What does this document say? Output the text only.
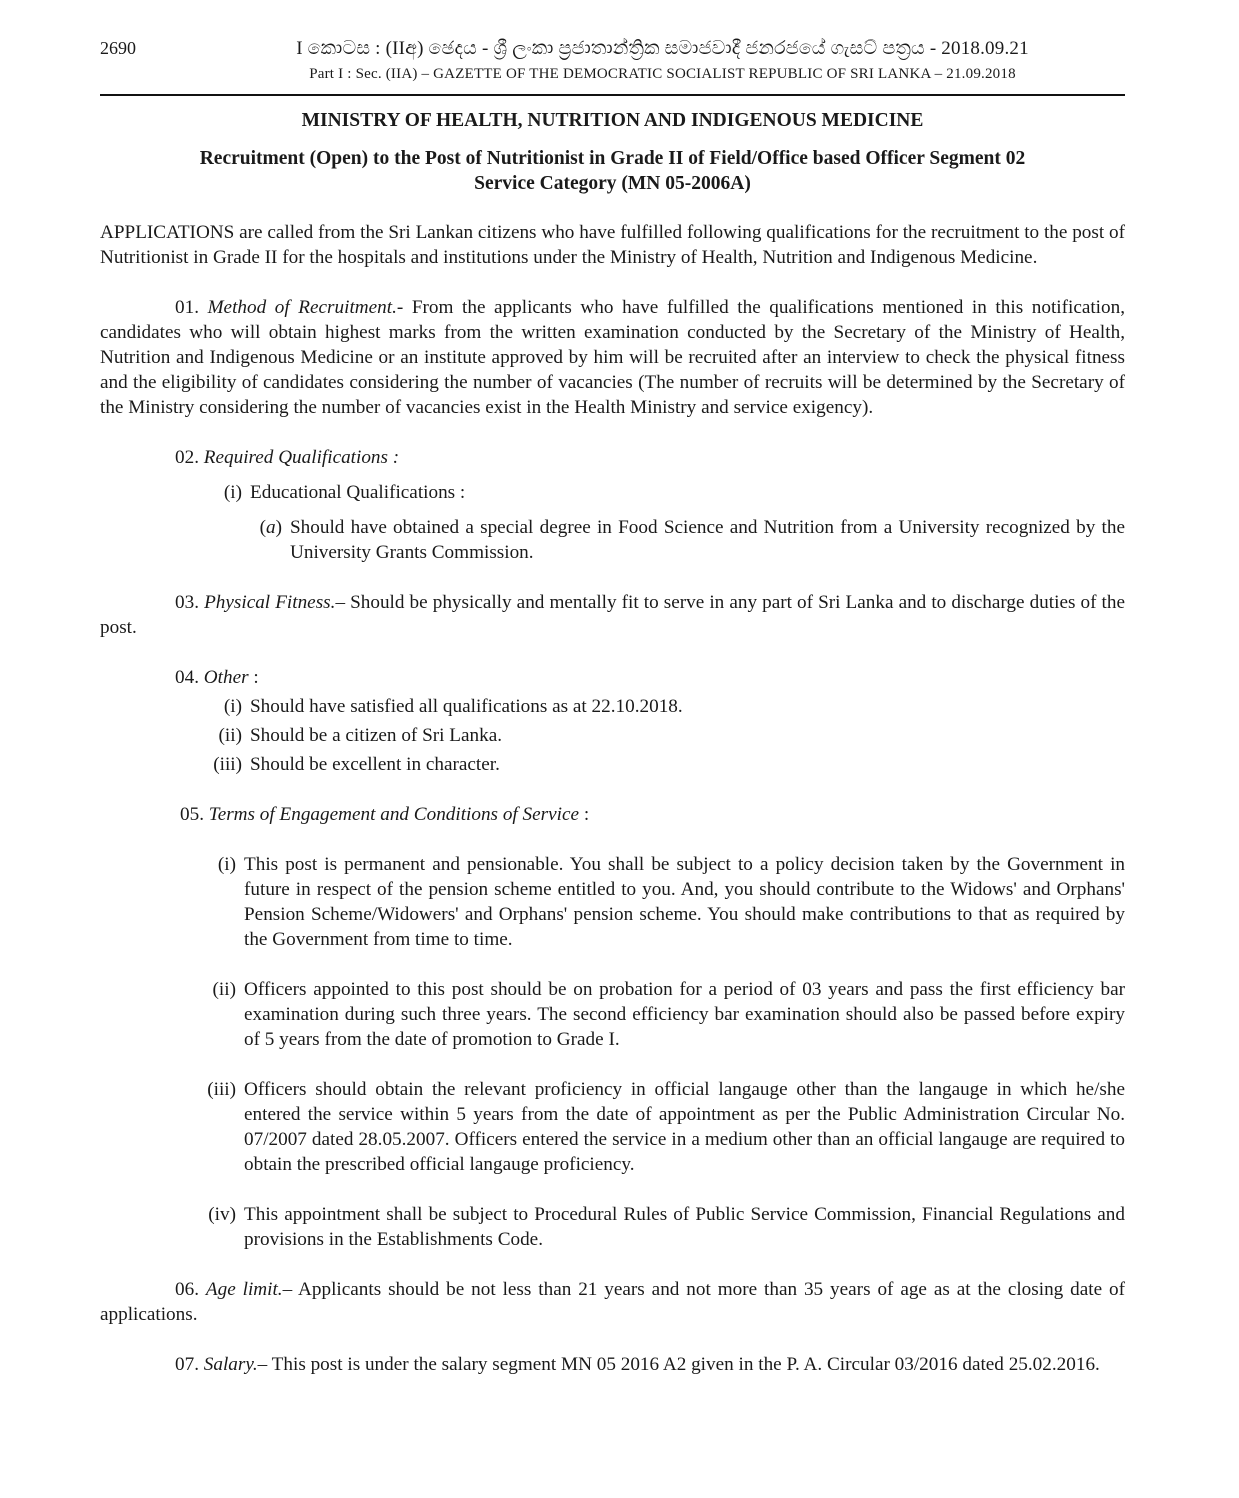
2690	I කොටස : (IIඅ) ඡෙදය - ශ්‍රී ලංකා ප්‍රජාතාන්ත්‍රික සමාජවාදී ජනරජයේ ගැසට් පත්‍රය - 2018.09.21
Part I : Sec. (IIA) – GAZETTE OF THE DEMOCRATIC SOCIALIST REPUBLIC OF SRI LANKA – 21.09.2018
MINISTRY OF HEALTH, NUTRITION AND INDIGENOUS MEDICINE
Recruitment (Open) to the Post of Nutritionist in Grade II of Field/Office based Officer Segment 02
Service Category (MN 05-2006A)

APPLICATIONS are called from the Sri Lankan citizens who have fulfilled following qualifications for the recruitment to the post of Nutritionist in Grade II for the hospitals and institutions under the Ministry of Health, Nutrition and Indigenous Medicine.

01. Method of Recruitment.- From the applicants who have fulfilled the qualifications mentioned in this notification, candidates who will obtain highest marks from the written examination conducted by the Secretary of the Ministry of Health, Nutrition and Indigenous Medicine or an institute approved by him will be recruited after an interview to check the physical fitness and the eligibility of candidates considering the number of vacancies (The number of recruits will be determined by the Secretary of the Ministry considering the number of vacancies exist in the Health Ministry and service exigency).

02. Required Qualifications :

(i) Educational Qualifications :
(a) Should have obtained a special degree in Food Science and Nutrition from a University recognized by the University Grants Commission.

03. Physical Fitness.– Should be physically and mentally fit to serve in any part of Sri Lanka and to discharge duties of the post.

04. Other :

(i) Should have satisfied all qualifications as at 22.10.2018.
(ii) Should be a citizen of Sri Lanka.
(iii) Should be excellent in character.

05. Terms of Engagement and Conditions of Service :

(i) This post is permanent and pensionable. You shall be subject to a policy decision taken by the Government in future in respect of the pension scheme entitled to you. And, you should contribute to the Widows' and Orphans' Pension Scheme/Widowers' and Orphans' pension scheme. You should make contributions to that as required by the Government from time to time.
(ii) Officers appointed to this post should be on probation for a period of 03 years and pass the first efficiency bar examination during such three years. The second efficiency bar examination should also be passed before expiry of 5 years from the date of promotion to Grade I.
(iii) Officers should obtain the relevant proficiency in official langauge other than the langauge in which he/she entered the service within 5 years from the date of appointment as per the Public Administration Circular No. 07/2007 dated 28.05.2007. Officers entered the service in a medium other than an official langauge are required to obtain the prescribed official langauge proficiency.
(iv) This appointment shall be subject to Procedural Rules of Public Service Commission, Financial Regulations and provisions in the Establishments Code.

06. Age limit.– Applicants should be not less than 21 years and not more than 35 years of age as at the closing date of applications.

07. Salary.– This post is under the salary segment MN 05 2016 A2 given in the P. A. Circular 03/2016 dated 25.02.2016.
